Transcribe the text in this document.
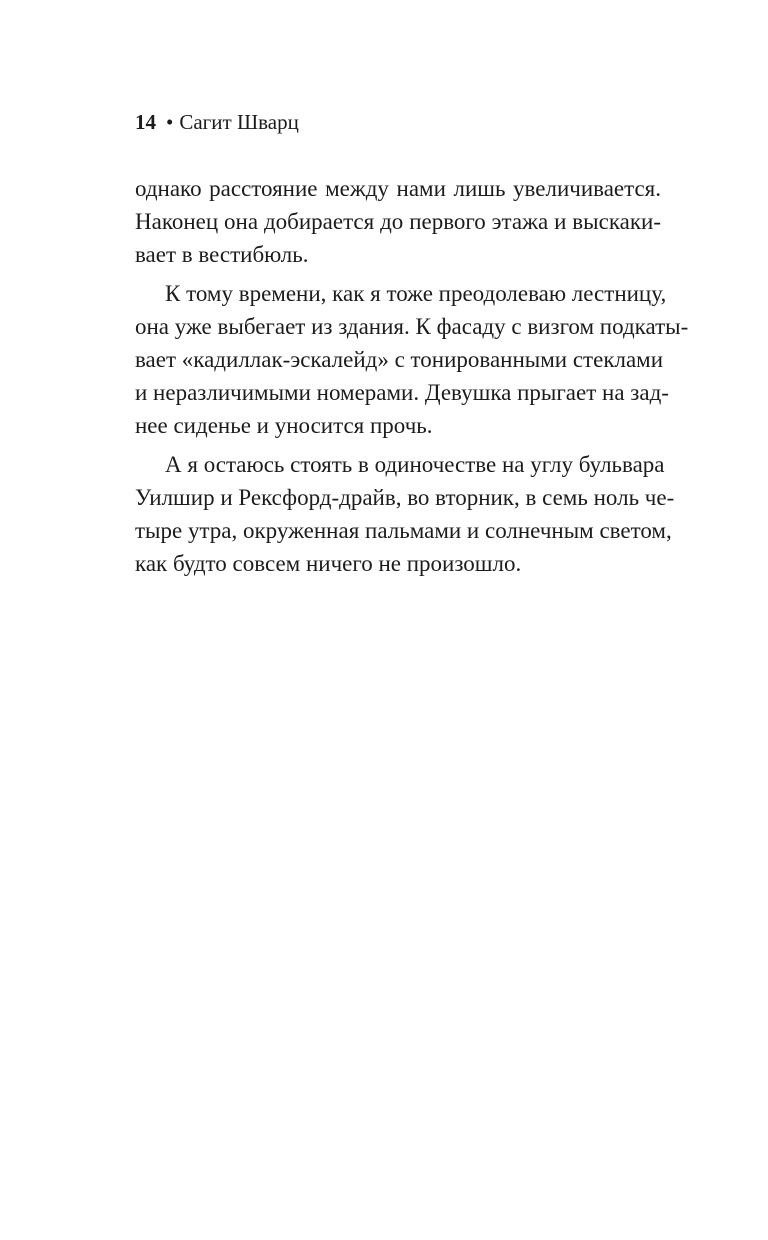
14 • Сагит Шварц
однако расстояние между нами лишь увеличивается.
Наконец она добирается до первого этажа и выскаки-
вает в вестибюль.
К тому времени, как я тоже преодолеваю лестницу,
она уже выбегает из здания. К фасаду с визгом подкаты-
вает «кадиллак-эскалейд» с тонированными стеклами
и неразличимыми номерами. Девушка прыгает на зад-
нее сиденье и уносится прочь.
А я остаюсь стоять в одиночестве на углу бульвара
Уилшир и Рексфорд-драйв, во вторник, в семь ноль че-
тыре утра, окруженная пальмами и солнечным светом,
как будто совсем ничего не произошло.
